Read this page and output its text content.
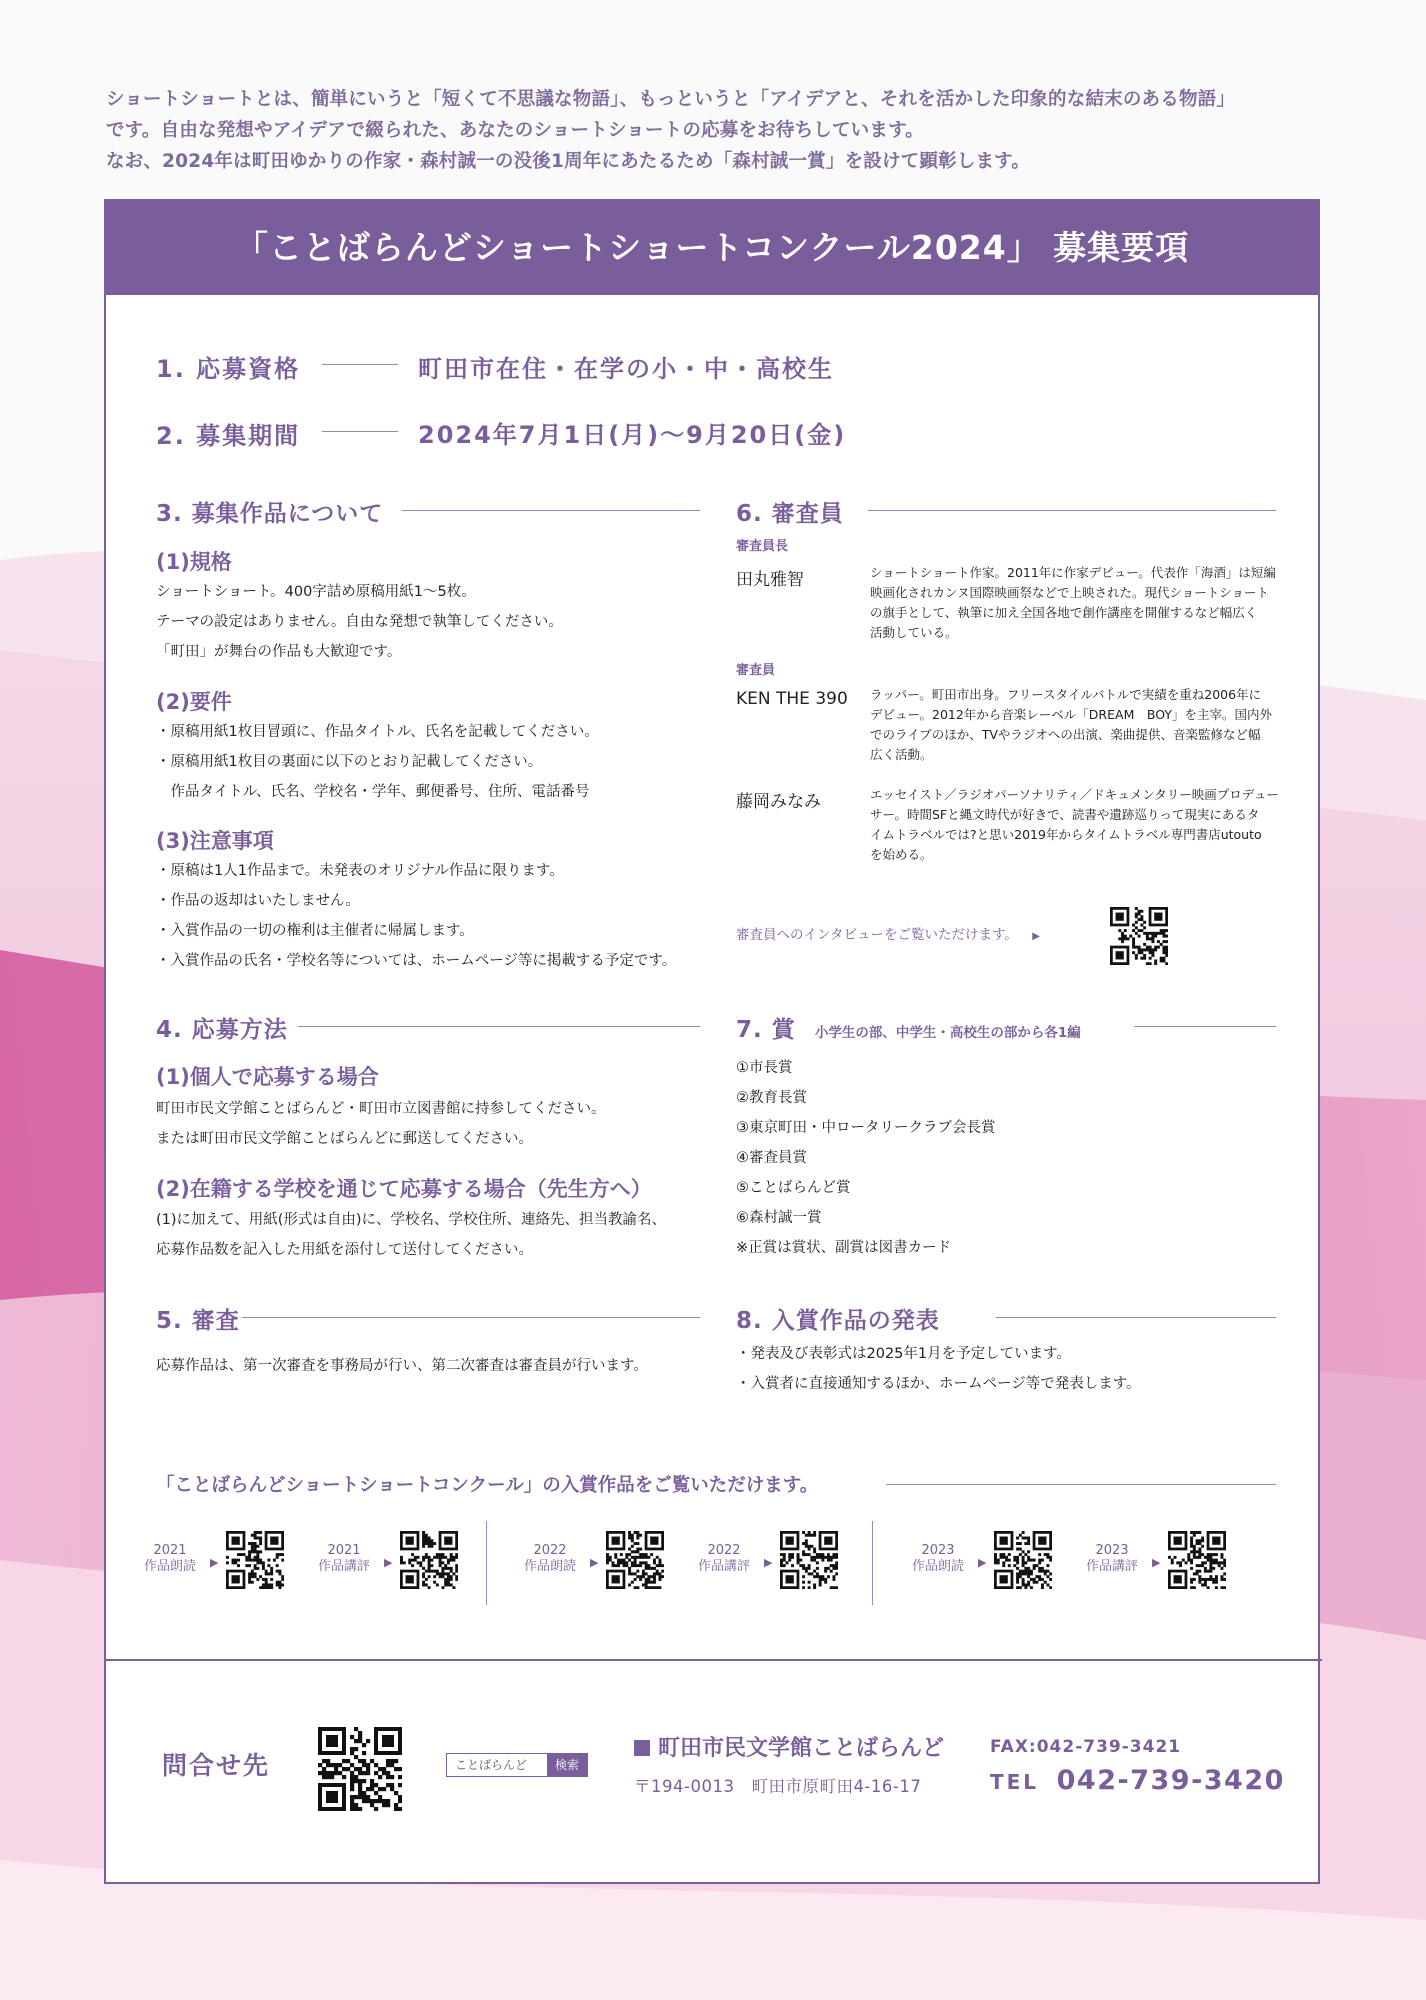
ショートショートとは、簡単にいうと「短くて不思議な物語」、もっというと「アイデアと、それを活かした印象的な結末のある物語」
です。自由な発想やアイデアで綴られた、あなたのショートショートの応募をお待ちしています。
なお、2024年は町田ゆかりの作家・森村誠一の没後1周年にあたるため「森村誠一賞」を設けて顕彰します。
「ことばらんどショートショートコンクール2024」 募集要項
1. 応募資格	町田市在住・在学の小・中・高校生
2. 募集期間	2024年7月1日(月)～9月20日(金)
3. 募集作品について
(1)規格
ショートショート。400字詰め原稿用紙1～5枚。
テーマの設定はありません。自由な発想で執筆してください。
「町田」が舞台の作品も大歓迎です。
(2)要件
・原稿用紙1枚目冒頭に、作品タイトル、氏名を記載してください。
・原稿用紙1枚目の裏面に以下のとおり記載してください。
　作品タイトル、氏名、学校名・学年、郵便番号、住所、電話番号
(3)注意事項
・原稿は1人1作品まで。未発表のオリジナル作品に限ります。
・作品の返却はいたしません。
・入賞作品の一切の権利は主催者に帰属します。
・入賞作品の氏名・学校名等については、ホームページ等に掲載する予定です。
4. 応募方法
(1)個人で応募する場合
町田市民文学館ことばらんど・町田市立図書館に持参してください。
または町田市民文学館ことばらんどに郵送してください。
(2)在籍する学校を通じて応募する場合（先生方へ）
(1)に加えて、用紙(形式は自由)に、学校名、学校住所、連絡先、担当教諭名、
応募作品数を記入した用紙を添付して送付してください。
5. 審査
応募作品は、第一次審査を事務局が行い、第二次審査は審査員が行います。
6. 審査員
審査員長
田丸雅智	ショートショート作家。2011年に作家デビュー。代表作「海酒」は短編
映画化されカンヌ国際映画祭などで上映された。現代ショートショート
の旗手として、執筆に加え全国各地で創作講座を開催するなど幅広く
活動している。
審査員
KEN THE 390 ラッパー。町田市出身。フリースタイルバトルで実績を重ね2006年に
デビュー。2012年から音楽レーベル「DREAM　BOY」を主宰。国内外
でのライブのほか、TVやラジオへの出演、楽曲提供、音楽監修など幅
広く活動。
藤岡みなみ	エッセイスト／ラジオパーソナリティ／ドキュメンタリー映画プロデュー
サー。時間SFと縄文時代が好きで、読書や遺跡巡りって現実にあるタ
イムトラベルでは?と思い2019年からタイムトラベル専門書店utouto
を始める。
審査員へのインタビューをご覧いただけます。 ▶
7. 賞 小学生の部、中学生・高校生の部から各1編
①市長賞
②教育長賞
③東京町田・中ロータリークラブ会長賞
④審査員賞
⑤ことばらんど賞
⑥森村誠一賞
※正賞は賞状、副賞は図書カード
8. 入賞作品の発表
・発表及び表彰式は2025年1月を予定しています。
・入賞者に直接通知するほか、ホームページ等で発表します。
「ことばらんどショートショートコンクール」の入賞作品をご覧いただけます。
2021
作品朗読	▶
2021
作品講評	▶
2022
作品朗読	▶
2022
作品講評	▶
2023
作品朗読	▶
2023
作品講評	▶
問合せ先	ことばらんど	検索
町田市民文学館ことばらんど
〒194-0013　町田市原町田4-16-17
FAX:042-739-3421
TEL 042-739-3420
